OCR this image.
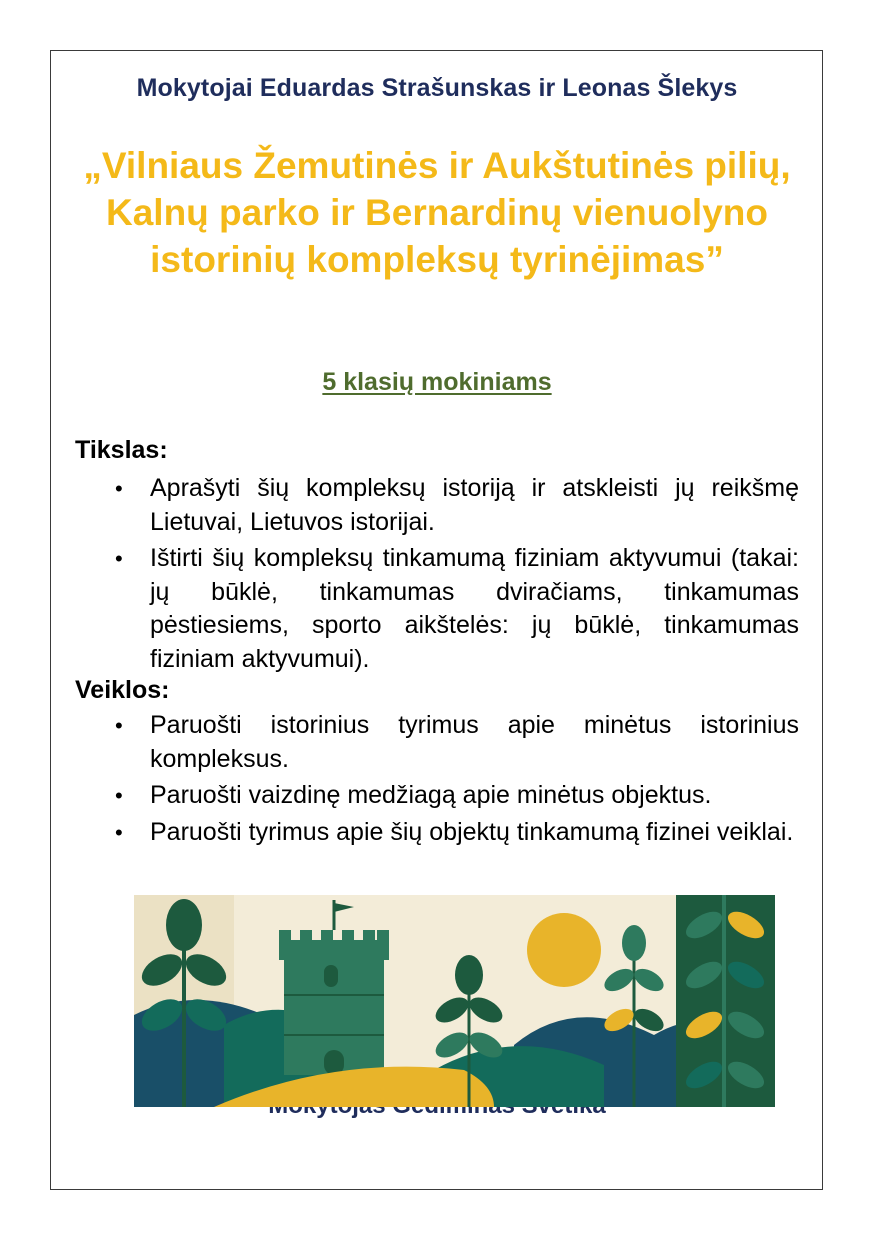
Mokytojai Eduardas Strašunskas ir Leonas Šlekys
„Vilniaus Žemutinės ir Aukštutinės pilių, Kalnų parko ir Bernardinų vienuolyno istorinių kompleksų tyrinėjimas”
5 klasių mokiniams
Tikslas:
• Aprašyti šių kompleksų istoriją ir atskleisti jų reikšmę Lietuvai, Lietuvos istorijai.
• Ištirti šių kompleksų tinkamumą fiziniam aktyvumui (takai: jų būklė, tinkamumas dviračiams, tinkamumas pėstiesiems, sporto aikštelės: jų būklė, tinkamumas fiziniam aktyvumui).
Veiklos:
• Paruošti istorinius tyrimus apie minėtus istorinius kompleksus.
• Paruošti vaizdinę medžiagą apie minėtus objektus.
• Paruošti tyrimus apie šių objektų tinkamumą fizinei veiklai.
